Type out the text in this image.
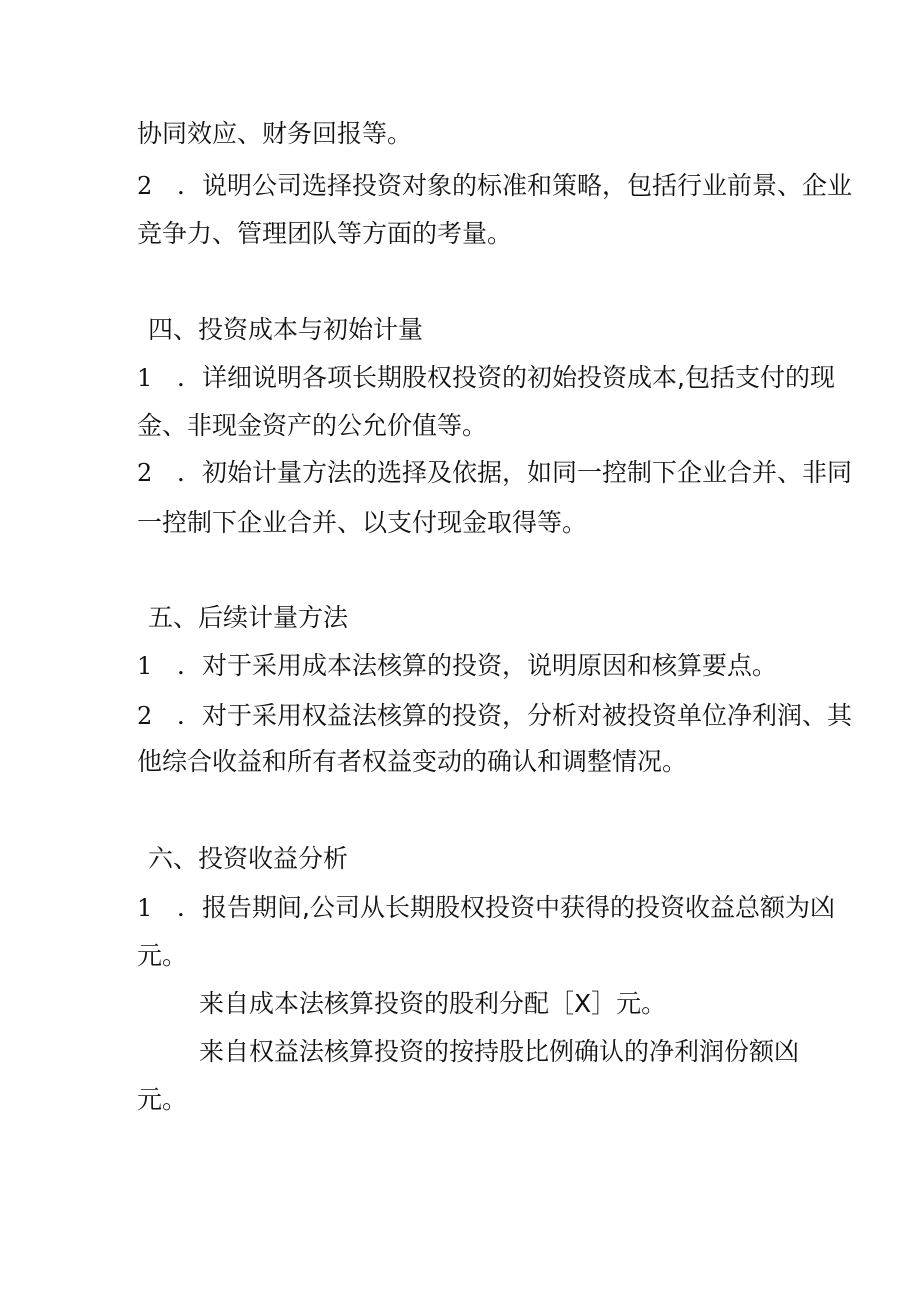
协同效应、财务回报等。
2 ．说明公司选择投资对象的标准和策略，包括行业前景、企业
竞争力、管理团队等方面的考量。
四、投资成本与初始计量
1 ．详细说明各项长期股权投资的初始投资成本,包括支付的现
金、非现金资产的公允价值等。
2 ．初始计量方法的选择及依据，如同一控制下企业合并、非同
一控制下企业合并、以支付现金取得等。
五、后续计量方法
1 ．对于采用成本法核算的投资，说明原因和核算要点。
2 ．对于采用权益法核算的投资，分析对被投资单位净利润、其
他综合收益和所有者权益变动的确认和调整情况。
六、投资收益分析
1 ．报告期间,公司从长期股权投资中获得的投资收益总额为凶
元。
来自成本法核算投资的股利分配［X］元。
来自权益法核算投资的按持股比例确认的净利润份额凶
元。
